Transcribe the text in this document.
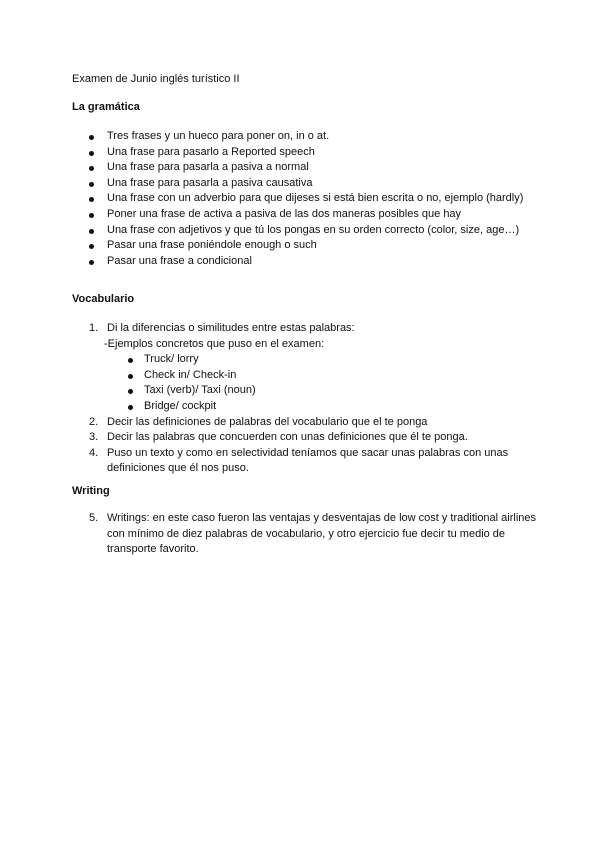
Examen de Junio inglés turístico II
La gramática
Tres frases y un hueco para poner on, in o at.
Una frase para pasarlo a Reported speech
Una frase para pasarla a pasiva a normal
Una frase para pasarla a pasiva causativa
Una frase con un adverbio para que dijeses si está bien escrita o no, ejemplo (hardly)
Poner una frase de activa a pasiva de las dos maneras posibles que hay
Una frase con adjetivos y que tú los pongas en su orden correcto (color, size, age…)
Pasar una frase poniéndole enough o such
Pasar una frase a condicional
Vocabulario
1. Di la diferencias o similitudes entre estas palabras:
-Ejemplos concretos que puso en el examen:
Truck/ lorry
Check in/ Check-in
Taxi (verb)/ Taxi (noun)
Bridge/ cockpit
2. Decir las definiciones de palabras del vocabulario que el te ponga
3. Decir las palabras que concuerden con unas definiciones que él te ponga.
4. Puso un texto y como en selectividad teníamos que sacar unas palabras con unas definiciones que él nos puso.
Writing
5. Writings: en este caso fueron las ventajas y desventajas de low cost y traditional airlines con mínimo de diez palabras de vocabulario, y otro ejercicio fue decir tu medio de transporte favorito.
